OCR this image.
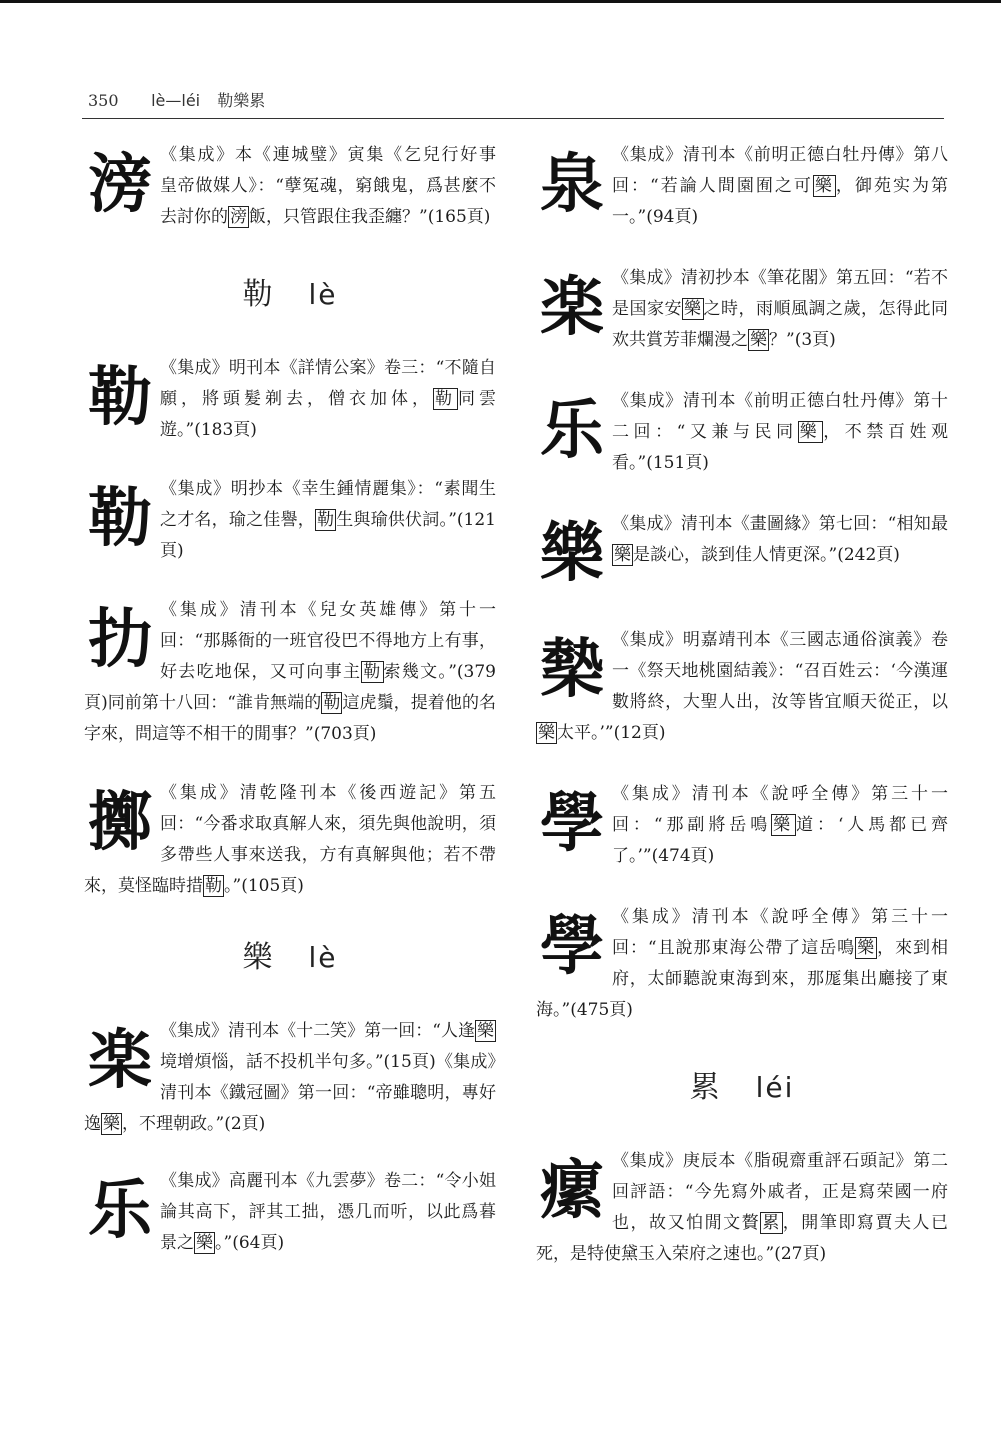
350 lè—léi 勒樂累
滂 《集成》本《連城璧》寅集《乞兒行好事　皇帝做媒人》：“孽冤魂，窮餓鬼，爲甚麼不去討你的 滂 飯，只管跟住我歪纏？”(165頁)
勒 lè
勒 《集成》明刊本《詳情公案》卷三：“不隨自願，將頭髮剃去，僧衣加体， 勒 同雲遊。”(183頁)
勒 《集成》明抄本《幸生鍾情麗集》：“素聞生之才名，瑜之佳譽， 勒 生與瑜供伏詞。”(121頁)
扐 《集成》清刊本《兒女英雄傳》第十一回：“那縣衙的一班官役巴不得地方上有事，好去吃地保，又可向事主 勒 索幾文。”(379頁)同前第十八回：“誰肯無端的 勒 這虎鬚，提着他的名字來，問這等不相干的閒事？”(703頁)
擲 《集成》清乾隆刊本《後西遊記》第五回：“今番求取真解人來，須先與他說明，須多帶些人事來送我，方有真解與他；若不帶來，莫怪臨時措 勒 。”(105頁)
樂 lè
楽 《集成》清刊本《十二笑》第一回：“人逢 樂境增煩惱，話不投机半句多。”(15頁)《集成》清刊本《鐵冠圖》第一回：“帝雖聰明，專好逸 樂 ，不理朝政。”(2頁)
乐 《集成》高麗刊本《九雲夢》卷二：“令小姐論其高下，評其工拙，憑几而听，以此爲暮景之 樂 。”(64頁)
泉 《集成》清刊本《前明正德白牡丹傳》第八回：“若論人間園囿之可 樂 ，御苑实为第一。”(94頁)
楽 《集成》清初抄本《筆花閣》第五回：“若不是国家安 樂 之時，雨順風調之歲，怎得此同欢共賞芳菲爛漫之 樂 ？”(3頁)
乐 《集成》清刊本《前明正德白牡丹傳》第十二回：“又兼与民同 樂 ，不禁百姓观看。”(151頁)
樂 《集成》清刊本《畫圖緣》第七回：“相知最樂 是談心，談到佳人情更深。”(242頁)
槷 《集成》明嘉靖刊本《三國志通俗演義》卷一《祭天地桃園結義》：“召百姓云：‘今漢運數將終，大聖人出，汝等皆宜順天從正，以樂 太平。’”(12頁)
學 《集成》清刊本《說呼全傳》第三十一回：“那副將岳鳴 樂 道：‘人馬都已齊了。’”(474頁)
學 《集成》清刊本《說呼全傳》第三十一回：“且說那東海公帶了這岳鳴 樂 ，來到相府，太師聽說東海到來，那厖集出廳接了東海。”(475頁)
累 léi
瘰 《集成》庚辰本《脂硯齋重評石頭記》第二回評語：“今先寫外戚者，正是寫荣國一府也，故又怕閒文贅 累 ，開筆即寫賈夫人已死，是特使黛玉入荣府之速也。”(27頁)
